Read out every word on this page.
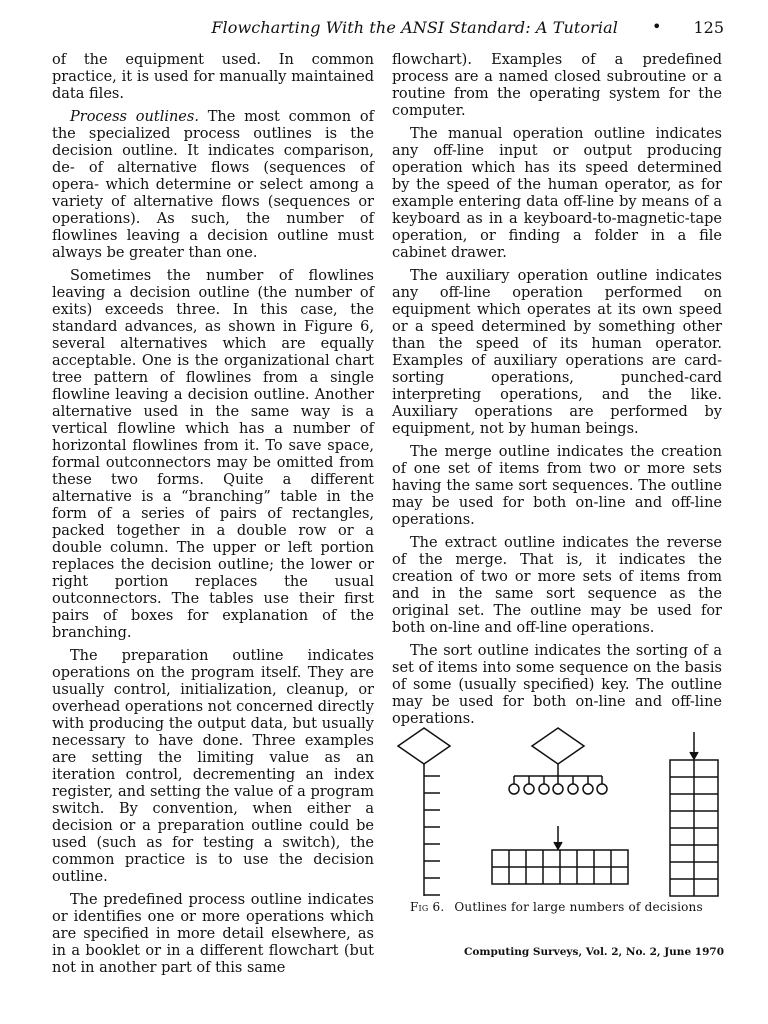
Flowcharting With the ANSI Standard: A Tutorial • 125

of the equipment used. In common practice, it is used for manually maintained data files.

Process outlines. The most common of the specialized process outlines is the decision outline. It indicates comparison, de- of alternative flows (sequences of opera- which determine or select among a variety of alternative flows (sequences or operations). As such, the number of flowlines leaving a decision outline must always be greater than one.

Sometimes the number of flowlines leaving a decision outline (the number of exits) exceeds three. In this case, the standard advances, as shown in Figure 6, several alternatives which are equally acceptable. One is the organizational chart tree pattern of flowlines from a single flowline leaving a decision outline. Another alternative used in the same way is a vertical flowline which has a number of horizontal flowlines from it. To save space, formal outconnectors may be omitted from these two forms. Quite a different alternative is a “branching” table in the form of a series of pairs of rectangles, packed together in a double row or a double column. The upper or left portion replaces the decision outline; the lower or right portion replaces the usual outconnectors. The tables use their first pairs of boxes for explanation of the branching.

The preparation outline indicates operations on the program itself. They are usually control, initialization, cleanup, or overhead operations not concerned directly with producing the output data, but usually necessary to have done. Three examples are setting the limiting value as an iteration control, decrementing an index register, and setting the value of a program switch. By convention, when either a decision or a preparation outline could be used (such as for testing a switch), the common practice is to use the decision outline.

The predefined process outline indicates or identifies one or more operations which are specified in more detail elsewhere, as in a booklet or in a different flowchart (but not in another part of this same

flowchart). Examples of a predefined process are a named closed subroutine or a routine from the operating system for the computer.

The manual operation outline indicates any off-line input or output producing operation which has its speed determined by the speed of the human operator, as for example entering data off-line by means of a keyboard as in a keyboard-to-magnetic-tape operation, or finding a folder in a file cabinet drawer.

The auxiliary operation outline indicates any off-line operation performed on equipment which operates at its own speed or a speed determined by something other than the speed of its human operator. Examples of auxiliary operations are card-sorting operations, punched-card interpreting operations, and the like. Auxiliary operations are performed by equipment, not by human beings.

The merge outline indicates the creation of one set of items from two or more sets having the same sort sequences. The outline may be used for both on-line and off-line operations.

The extract outline indicates the reverse of the merge. That is, it indicates the creation of two or more sets of items from and in the same sort sequence as the original set. The outline may be used for both on-line and off-line operations.

The sort outline indicates the sorting of a set of items into some sequence on the basis of some (usually specified) key. The outline may be used for both on-line and off-line operations.

Fig 6. Outlines for large numbers of decisions
Computing Surveys, Vol. 2, No. 2, June 1970
